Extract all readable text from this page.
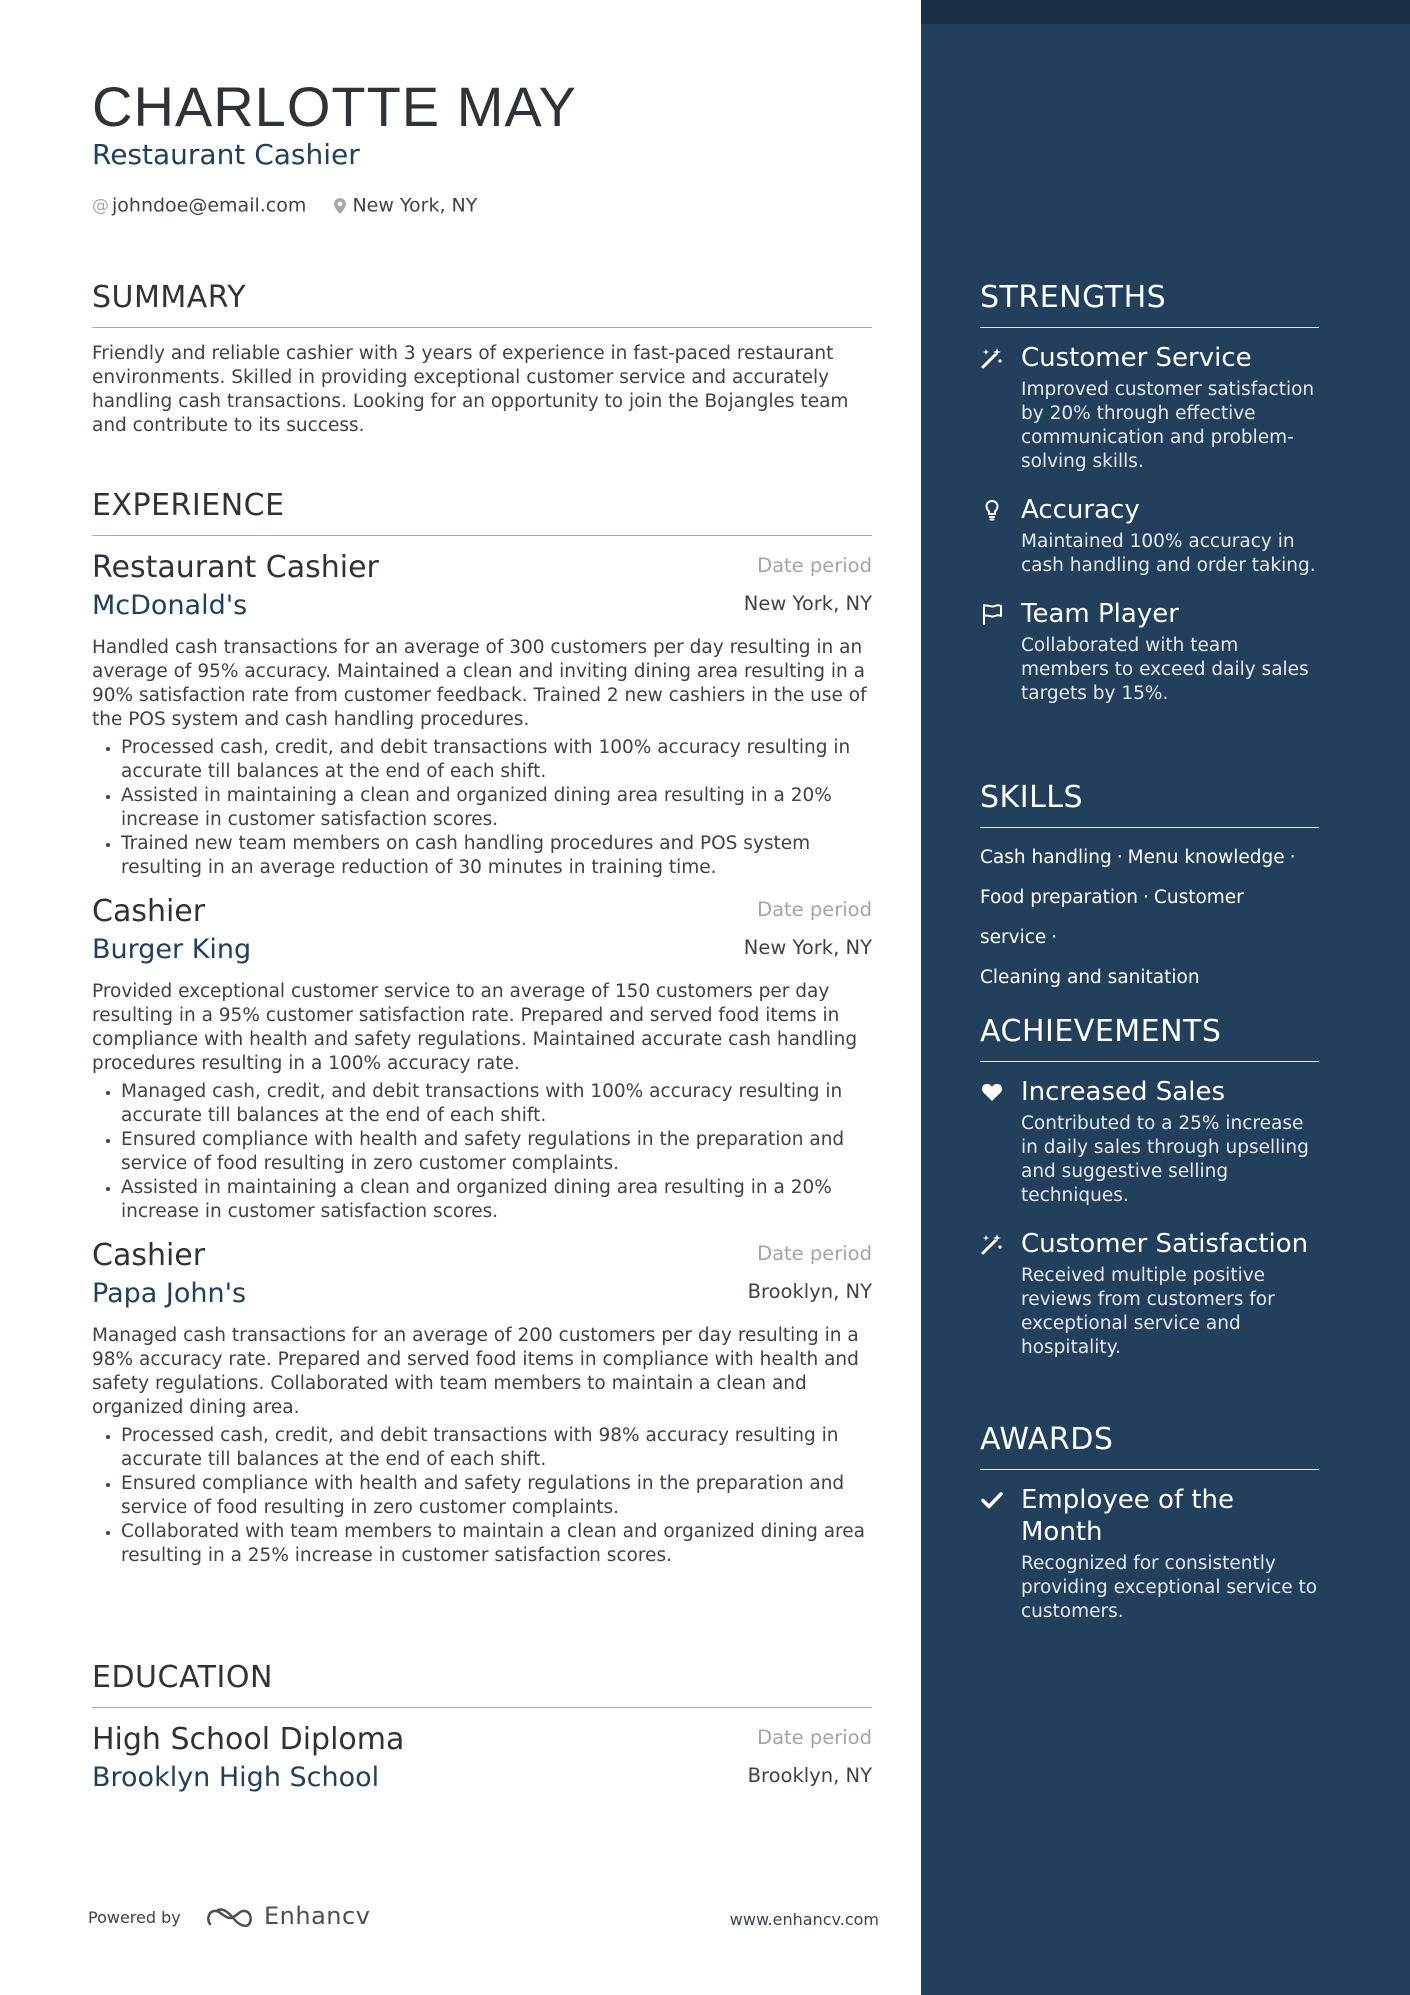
CHARLOTTE MAY
Restaurant Cashier
@ johndoe@email.com New York, NY
SUMMARY

Friendly and reliable cashier with 3 years of experience in fast-paced restaurant environments. Skilled in providing exceptional customer service and accurately handling cash transactions. Looking for an opportunity to join the Bojangles team and contribute to its success.

EXPERIENCE
Restaurant Cashier	Date period
McDonald's	New York, NY

Handled cash transactions for an average of 300 customers per day resulting in an average of 95% accuracy. Maintained a clean and inviting dining area resulting in a 90% satisfaction rate from customer feedback. Trained 2 new cashiers in the use of the POS system and cash handling procedures.

• Processed cash, credit, and debit transactions with 100% accuracy resulting in accurate till balances at the end of each shift.
• Assisted in maintaining a clean and organized dining area resulting in a 20% increase in customer satisfaction scores.
• Trained new team members on cash handling procedures and POS system resulting in an average reduction of 30 minutes in training time.
Cashier	Date period
Burger King	New York, NY

Provided exceptional customer service to an average of 150 customers per day resulting in a 95% customer satisfaction rate. Prepared and served food items in compliance with health and safety regulations. Maintained accurate cash handling procedures resulting in a 100% accuracy rate.

• Managed cash, credit, and debit transactions with 100% accuracy resulting in accurate till balances at the end of each shift.
• Ensured compliance with health and safety regulations in the preparation and service of food resulting in zero customer complaints.
• Assisted in maintaining a clean and organized dining area resulting in a 20% increase in customer satisfaction scores.
Cashier	Date period
Papa John's	Brooklyn, NY

Managed cash transactions for an average of 200 customers per day resulting in a 98% accuracy rate. Prepared and served food items in compliance with health and safety regulations. Collaborated with team members to maintain a clean and organized dining area.

• Processed cash, credit, and debit transactions with 98% accuracy resulting in accurate till balances at the end of each shift.
• Ensured compliance with health and safety regulations in the preparation and service of food resulting in zero customer complaints.
• Collaborated with team members to maintain a clean and organized dining area resulting in a 25% increase in customer satisfaction scores.
EDUCATION
High School Diploma	Date period
Brooklyn High School	Brooklyn, NY
Powered by	Enhancv	www.enhancv.com
STRENGTHS
Customer Service
Improved customer satisfaction by 20% through effective communication and problem-solving skills.
Accuracy
Maintained 100% accuracy in cash handling and order taking.
Team Player
Collaborated with team members to exceed daily sales targets by 15%.
SKILLS
Cash handling · Menu knowledge ·
Food preparation · Customer service ·
Cleaning and sanitation
ACHIEVEMENTS
Increased Sales
Contributed to a 25% increase in daily sales through upselling and suggestive selling techniques.
Customer Satisfaction
Received multiple positive reviews from customers for exceptional service and hospitality.
AWARDS
Employee of the Month
Recognized for consistently providing exceptional service to customers.
